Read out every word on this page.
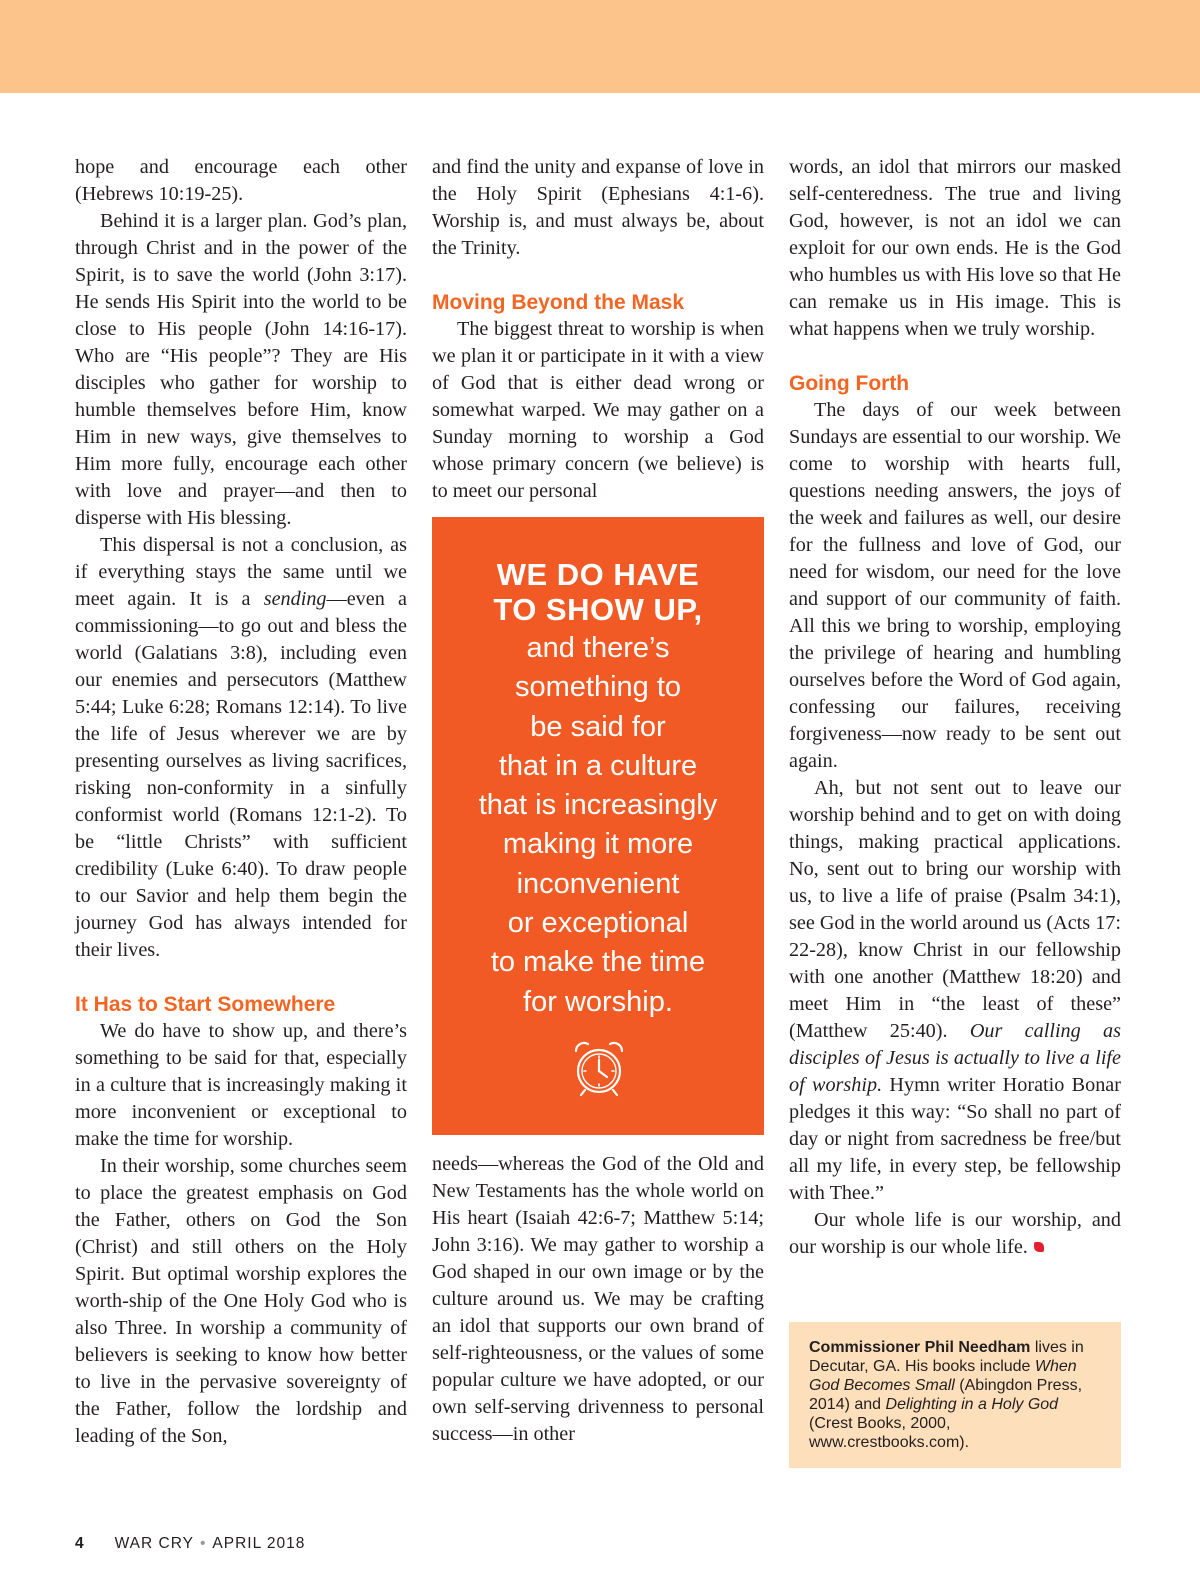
hope and encourage each other (Hebrews 10:19-25).

Behind it is a larger plan. God’s plan, through Christ and in the power of the Spirit, is to save the world (John 3:17). He sends His Spirit into the world to be close to His people (John 14:16-17). Who are “His people”? They are His disciples who gather for worship to humble themselves before Him, know Him in new ways, give themselves to Him more fully, encourage each other with love and prayer—and then to disperse with His blessing.

This dispersal is not a conclusion, as if everything stays the same until we meet again. It is a sending—even a commissioning—to go out and bless the world (Galatians 3:8), including even our enemies and persecutors (Matthew 5:44; Luke 6:28; Romans 12:14). To live the life of Jesus wherever we are by presenting ourselves as living sacrifices, risking non-conformity in a sinfully conformist world (Romans 12:1-2). To be “little Christs” with sufficient credibility (Luke 6:40). To draw people to our Savior and help them begin the journey God has always intended for their lives.

It Has to Start Somewhere

We do have to show up, and there’s something to be said for that, especially in a culture that is increasingly making it more inconvenient or exceptional to make the time for worship.

In their worship, some churches seem to place the greatest emphasis on God the Father, others on God the Son (Christ) and still others on the Holy Spirit. But optimal worship explores the worth-ship of the One Holy God who is also Three. In worship a community of believers is seeking to know how better to live in the pervasive sovereignty of the Father, follow the lordship and leading of the Son,

and find the unity and expanse of love in the Holy Spirit (Ephesians 4:1-6). Worship is, and must always be, about the Trinity.

Moving Beyond the Mask

The biggest threat to worship is when we plan it or participate in it with a view of God that is either dead wrong or somewhat warped. We may gather on a Sunday morning to worship a God whose primary concern (we believe) is to meet our personal

WE DO HAVE
TO SHOW UP,
and there’s
something to
be said for
that in a culture
that is increasingly
making it more
inconvenient
or exceptional
to make the time
for worship.

needs—whereas the God of the Old and New Testaments has the whole world on His heart (Isaiah 42:6-7; Matthew 5:14; John 3:16). We may gather to worship a God shaped in our own image or by the culture around us. We may be crafting an idol that supports our own brand of self-righteousness, or the values of some popular culture we have adopted, or our own self-serving drivenness to personal success—in other

words, an idol that mirrors our masked self-centeredness. The true and living God, however, is not an idol we can exploit for our own ends. He is the God who humbles us with His love so that He can remake us in His image. This is what happens when we truly worship.

Going Forth

The days of our week between Sundays are essential to our worship. We come to worship with hearts full, questions needing answers, the joys of the week and failures as well, our desire for the fullness and love of God, our need for wisdom, our need for the love and support of our community of faith. All this we bring to worship, employing the privilege of hearing and humbling ourselves before the Word of God again, confessing our failures, receiving forgiveness—now ready to be sent out again.

Ah, but not sent out to leave our worship behind and to get on with doing things, making practical applications. No, sent out to bring our worship with us, to live a life of praise (Psalm 34:1), see God in the world around us (Acts 17: 22-28), know Christ in our fellowship with one another (Matthew 18:20) and meet Him in “the least of these” (Matthew 25:40). Our calling as disciples of Jesus is actually to live a life of worship. Hymn writer Horatio Bonar pledges it this way: “So shall no part of day or night from sacredness be free/but all my life, in every step, be fellowship with Thee.”

Our whole life is our worship, and our worship is our whole life.

Commissioner Phil Needham lives in Decutar, GA. His books include When God Becomes Small (Abingdon Press, 2014) and Delighting in a Holy God (Crest Books, 2000, www.crestbooks.com).
4 WAR CRY • APRIL 2018
